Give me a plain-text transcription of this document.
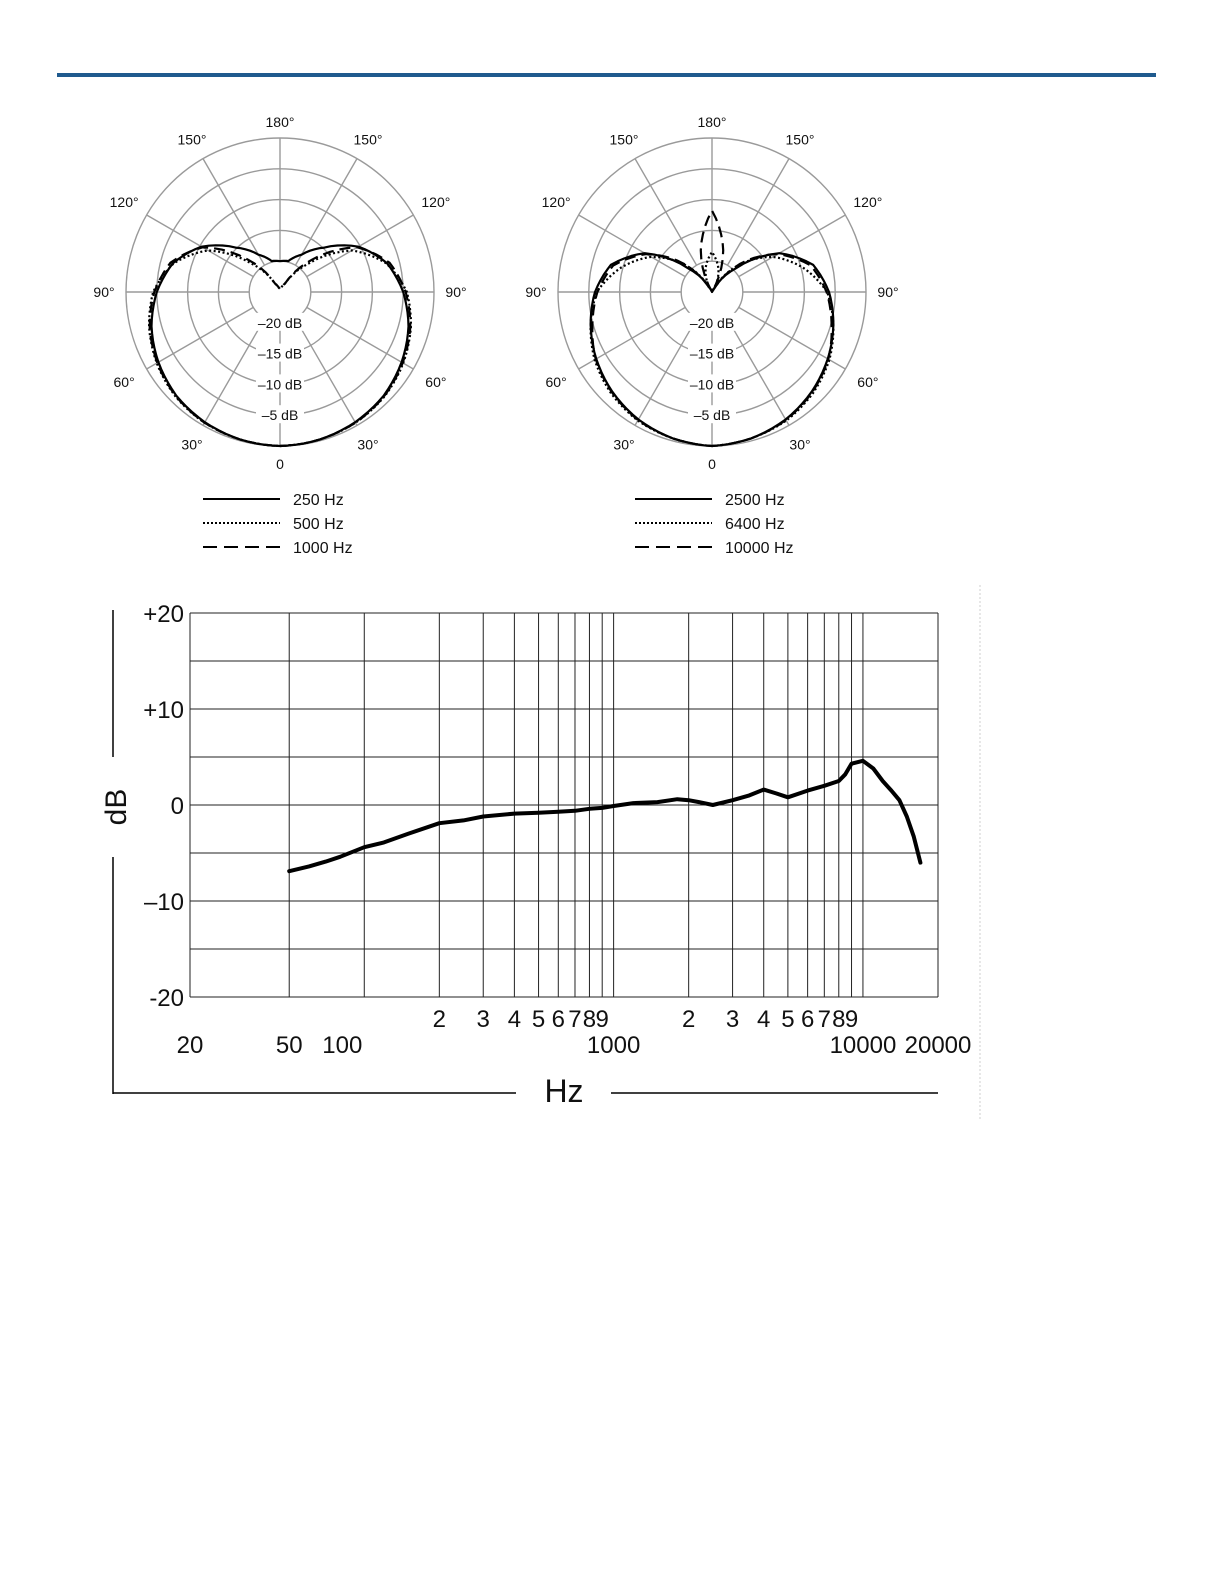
0
30°
30°
60°
60°
90°
90°
120°
120°
150°
150°
180°
–20 dB
–15 dB
–10 dB
–5 dB
250 Hz
500 Hz
1000 Hz
0
30°
30°
60°
60°
90°
90°
120°
120°
150°
150°
180°
–20 dB
–15 dB
–10 dB
–5 dB
2500 Hz
6400 Hz
10000 Hz
+20
+10
0
–10
-20
2 3 4 5 6 7 8 9	2 3 4 5 6 7 8 9
20	50 100	1000	10000 20000
dB
Hz
